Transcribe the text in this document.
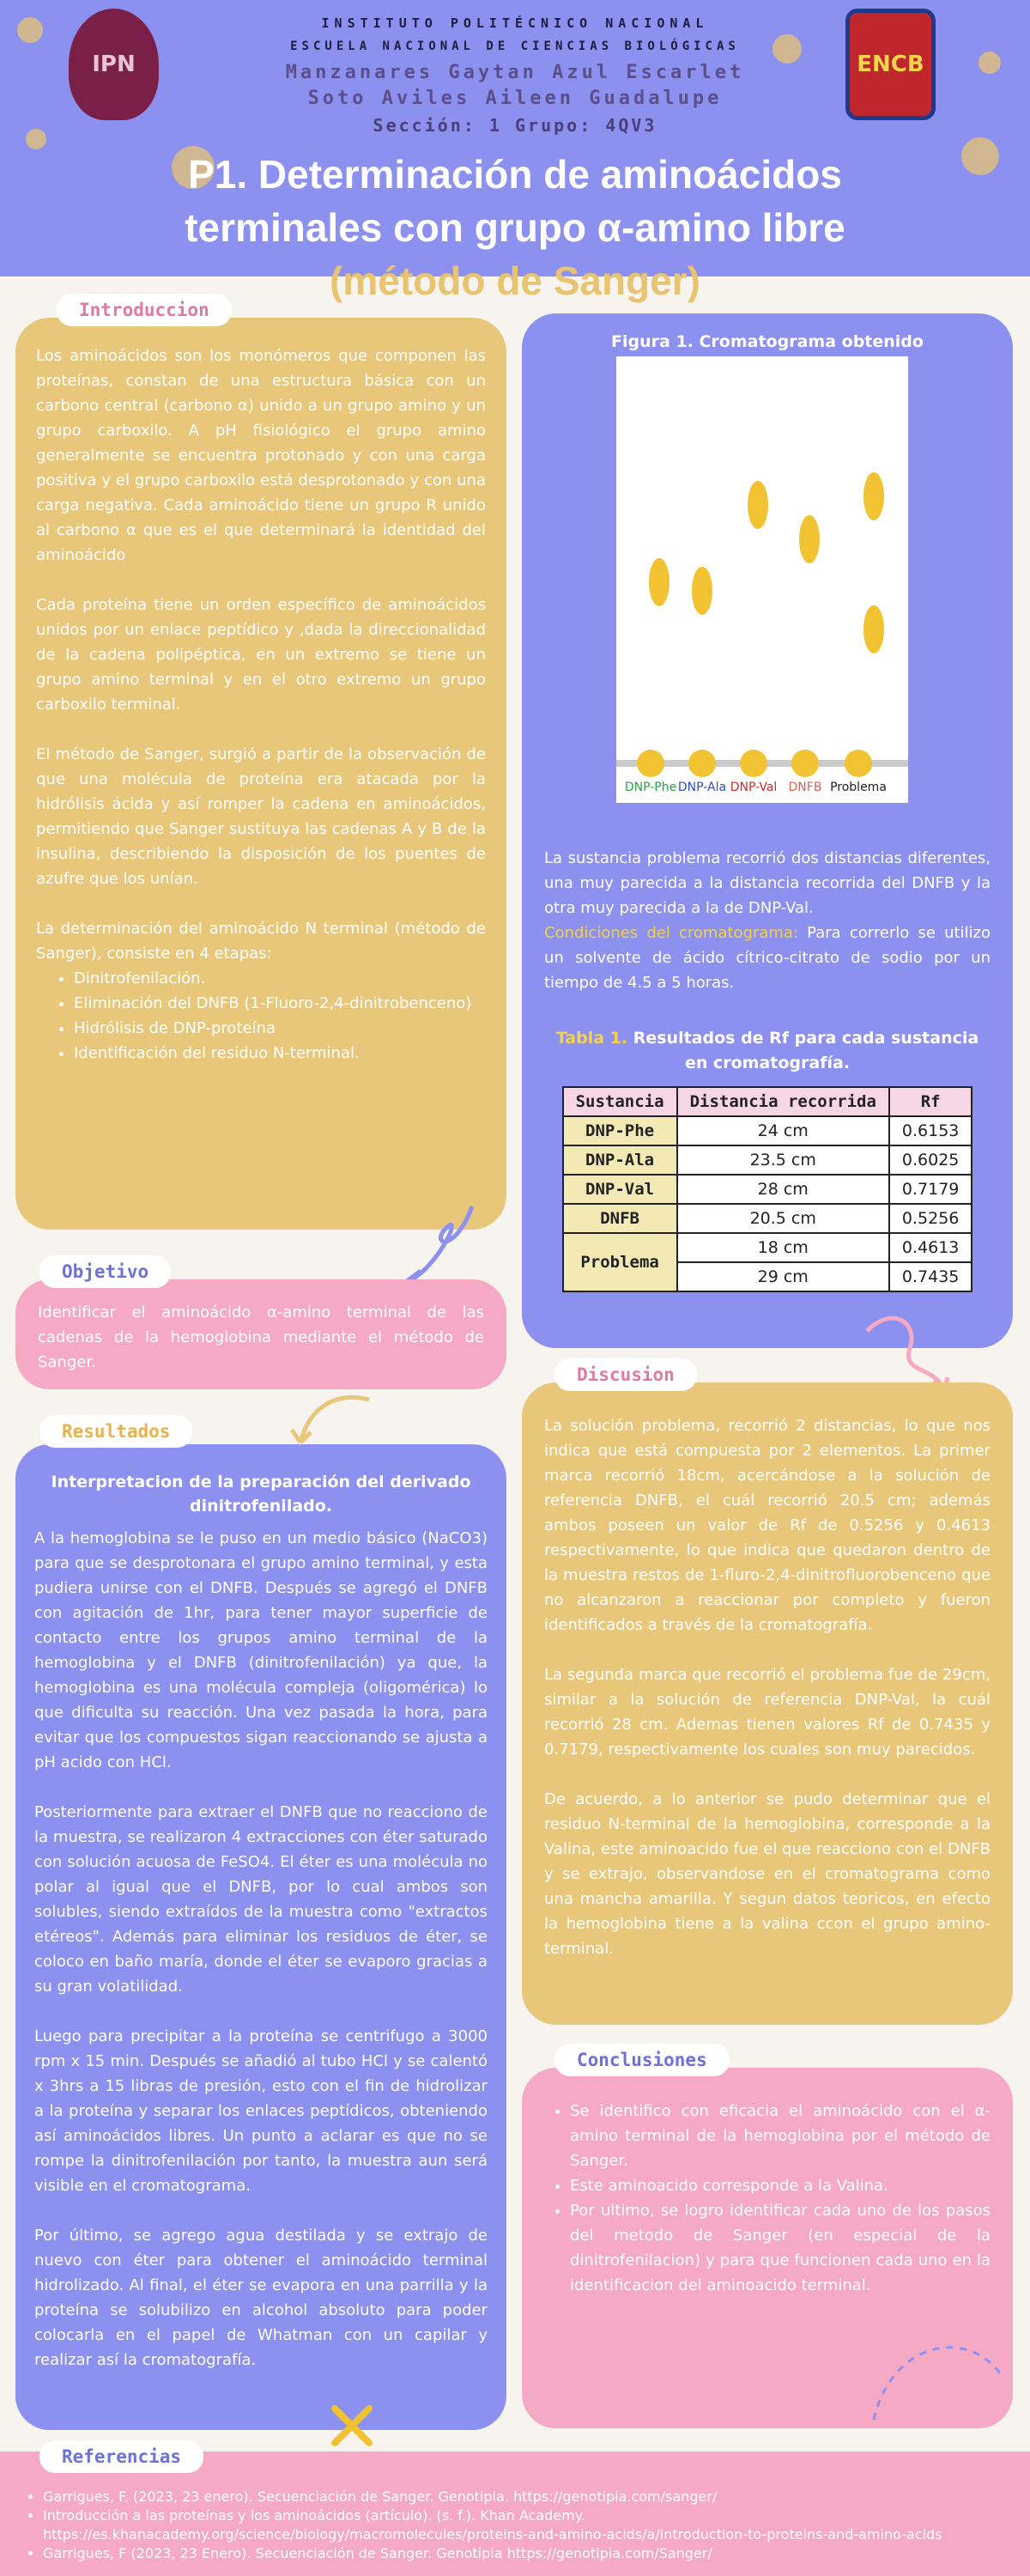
IPN	ENCB
INSTITUTO POLITÉCNICO NACIONAL
ESCUELA NACIONAL DE CIENCIAS BIOLÓGICAS
Manzanares Gaytan Azul Escarlet
Soto Aviles Aileen Guadalupe
Sección: 1 Grupo: 4QV3
P1. Determinación de aminoácidos terminales con grupo α-amino libre (método de Sanger)

Los aminoácidos son los monómeros que componen las proteínas, constan de una estructura básica con un carbono central (carbono α) unido a un grupo amino y un grupo carboxilo. A pH fisiológico el grupo amino generalmente se encuentra protonado y con una carga positiva y el grupo carboxilo está desprotonado y con una carga negativa. Cada aminoácido tiene un grupo R unido al carbono α que es el que determinará la identidad del aminoácido

Cada proteína tiene un orden específico de aminoácidos unidos por un enlace peptídico y ,dada la direccionalidad de la cadena polipéptica, en un extremo se tiene un grupo amino terminal y en el otro extremo un grupo carboxilo terminal.

El método de Sanger, surgió a partir de la observación de que una molécula de proteína era atacada por la hidrólisis ácida y así romper la cadena en aminoácidos, permitiendo que Sanger sustituya las cadenas A y B de la insulina, describiendo la disposición de los puentes de azufre que los unían.

La determinación del aminoácido N terminal (método de Sanger), consiste en 4 etapas:
• Dinitrofenilación.
• Eliminación del DNFB (1-Fluoro-2,4-dinitrobenceno)
• Hidrólisis de DNP-proteína
• Identificación del residuo N-terminal.
Introduccion
Identificar el aminoácido α-amino terminal de las cadenas de la hemoglobina mediante el método de Sanger.
Objetivo
Interpretacion de la preparación del derivado dinitrofenilado.

A la hemoglobina se le puso en un medio básico (NaCO3) para que se desprotonara el grupo amino terminal, y esta pudiera unirse con el DNFB. Después se agregó el DNFB con agitación de 1hr, para tener mayor superficie de contacto entre los grupos amino terminal de la hemoglobina y el DNFB (dinitrofenilación) ya que, la hemoglobina es una molécula compleja (oligomérica) lo que dificulta su reacción. Una vez pasada la hora, para evitar que los compuestos sigan reaccionando se ajusta a pH acido con HCl.

Posteriormente para extraer el DNFB que no reacciono de la muestra, se realizaron 4 extracciones con éter saturado con solución acuosa de FeSO4. El éter es una molécula no polar al igual que el DNFB, por lo cual ambos son solubles, siendo extraídos de la muestra como "extractos etéreos". Además para eliminar los residuos de éter, se coloco en baño maría, donde el éter se evaporo gracias a su gran volatilidad.

Luego para precipitar a la proteína se centrifugo a 3000 rpm x 15 min. Después se añadió al tubo HCl y se calentó x 3hrs a 15 libras de presión, esto con el fin de hidrolizar a la proteína y separar los enlaces peptídicos, obteniendo así aminoácidos libres. Un punto a aclarar es que no se rompe la dinitrofenilación por tanto, la muestra aun será visible en el cromatograma.

Por último, se agrego agua destilada y se extrajo de nuevo con éter para obtener el aminoácido terminal hidrolizado. Al final, el éter se evapora en una parrilla y la proteína se solubilizo en alcohol absoluto para poder colocarla en el papel de Whatman con un capilar y realizar así la cromatografía.

Resultados
Figura 1. Cromatograma obtenido
DNP-Phe DNP-Ala DNP-Val DNFB Problema
La sustancia problema recorrió dos distancias diferentes, una muy parecida a la distancia recorrida del DNFB y la otra muy parecida a la de DNP-Val.
Condiciones del cromatograma: Para correrlo se utilizo un solvente de ácido cítrico-citrato de sodio por un tiempo de 4.5 a 5 horas.
Tabla 1. Resultados de Rf para cada sustancia en cromatografía.
Sustancia	Distancia recorrida	Rf
DNP-Phe	24 cm	0.6153
DNP-Ala	23.5 cm	0.6025
DNP-Val	28 cm	0.7179
DNFB	20.5 cm	0.5256
Problema	18 cm	0.4613
	29 cm	0.7435

La solución problema, recorrió 2 distancias, lo que nos indica que está compuesta por 2 elementos. La primer marca recorrió 18cm, acercándose a la solución de referencia DNFB, el cuál recorrió 20.5 cm; además ambos poseen un valor de Rf de 0.5256 y 0.4613 respectivamente, lo que indica que quedaron dentro de la muestra restos de 1-fluro-2,4-dinitrofluorobenceno que no alcanzaron a reaccionar por completo y fueron identificados a través de la cromatografía.

La segunda marca que recorrió el problema fue de 29cm, similar a la solución de referencia DNP-Val, la cuál recorrió 28 cm. Ademas tienen valores Rf de 0.7435 y 0.7179, respectivamente los cuales son muy parecidos.

De acuerdo, a lo anterior se pudo determinar que el residuo N-terminal de la hemoglobina, corresponde a la Valina, este aminoacido fue el que reacciono con el DNFB y se extrajo, observandose en el cromatograma como una mancha amarilla. Y segun datos teoricos, en efecto la hemoglobina tiene a la valina ccon el grupo amino-terminal.

Discusion
• Se identifico con eficacia el aminoácido con el α-amino terminal de la hemoglobina por el método de Sanger.
• Este aminoacido corresponde a la Valina.
• Por ultimo, se logro identificar cada uno de los pasos del metodo de Sanger (en especial de la dinitrofenilacion) y para que funcionen cada uno en la identificacion del aminoacido terminal.
Conclusiones
• Garrigues, F. (2023, 23 enero). Secuenciación de Sanger. Genotipia. https://genotipia.com/sanger/
• Introducción a las proteínas y los aminoácidos (artículo). (s. f.). Khan Academy. https://es.khanacademy.org/science/biology/macromolecules/proteins-and-amino-acids/a/introduction-to-proteins-and-amino-acids
• Garrigues, F (2023, 23 Enero). Secuenciación de Sanger. Genotipia https://genotipia.com/Sanger/
Referencias
